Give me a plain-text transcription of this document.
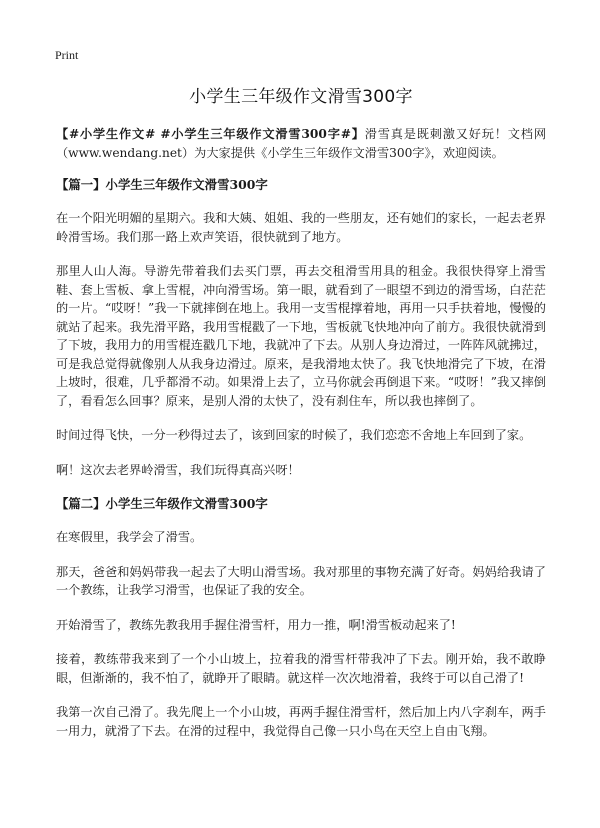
Print
小学生三年级作文滑雪300字

【#小学生作文# #小学生三年级作文滑雪300字#】滑雪真是既刺激又好玩！文档网（www.wendang.net）为大家提供《小学生三年级作文滑雪300字》，欢迎阅读。

【篇一】小学生三年级作文滑雪300字

在一个阳光明媚的星期六。我和大姨、姐姐、我的一些朋友，还有她们的家长，一起去老界岭滑雪场。我们那一路上欢声笑语，很快就到了地方。

那里人山人海。导游先带着我们去买门票，再去交租滑雪用具的租金。我很快得穿上滑雪鞋、套上雪板、拿上雪棍，冲向滑雪场。第一眼，就看到了一眼望不到边的滑雪场，白茫茫的一片。“哎呀！”我一下就摔倒在地上。我用一支雪棍撑着地，再用一只手扶着地，慢慢的就站了起来。我先滑平路，我用雪棍戳了一下地，雪板就飞快地冲向了前方。我很快就滑到了下坡，我用力的用雪棍连戳几下地，我就冲了下去。从别人身边滑过，一阵阵风就拂过，可是我总觉得就像别人从我身边滑过。原来，是我滑地太快了。我飞快地滑完了下坡，在滑上坡时，很难，几乎都滑不动。如果滑上去了，立马你就会再倒退下来。“哎呀！”我又摔倒了，看看怎么回事？原来，是别人滑的太快了，没有刹住车，所以我也摔倒了。

时间过得飞快，一分一秒得过去了，该到回家的时候了，我们恋恋不舍地上车回到了家。

啊！这次去老界岭滑雪，我们玩得真高兴呀！

【篇二】小学生三年级作文滑雪300字

在寒假里，我学会了滑雪。

那天，爸爸和妈妈带我一起去了大明山滑雪场。我对那里的事物充满了好奇。妈妈给我请了一个教练，让我学习滑雪，也保证了我的安全。

开始滑雪了，教练先教我用手握住滑雪杆，用力一推，啊!滑雪板动起来了!

接着，教练带我来到了一个小山坡上，拉着我的滑雪杆带我冲了下去。刚开始，我不敢睁眼，但渐渐的，我不怕了，就睁开了眼睛。就这样一次次地滑着，我终于可以自己滑了!

我第一次自己滑了。我先爬上一个小山坡，再两手握住滑雪杆，然后加上内八字刹车，两手一用力，就滑了下去。在滑的过程中，我觉得自己像一只小鸟在天空上自由飞翔。
